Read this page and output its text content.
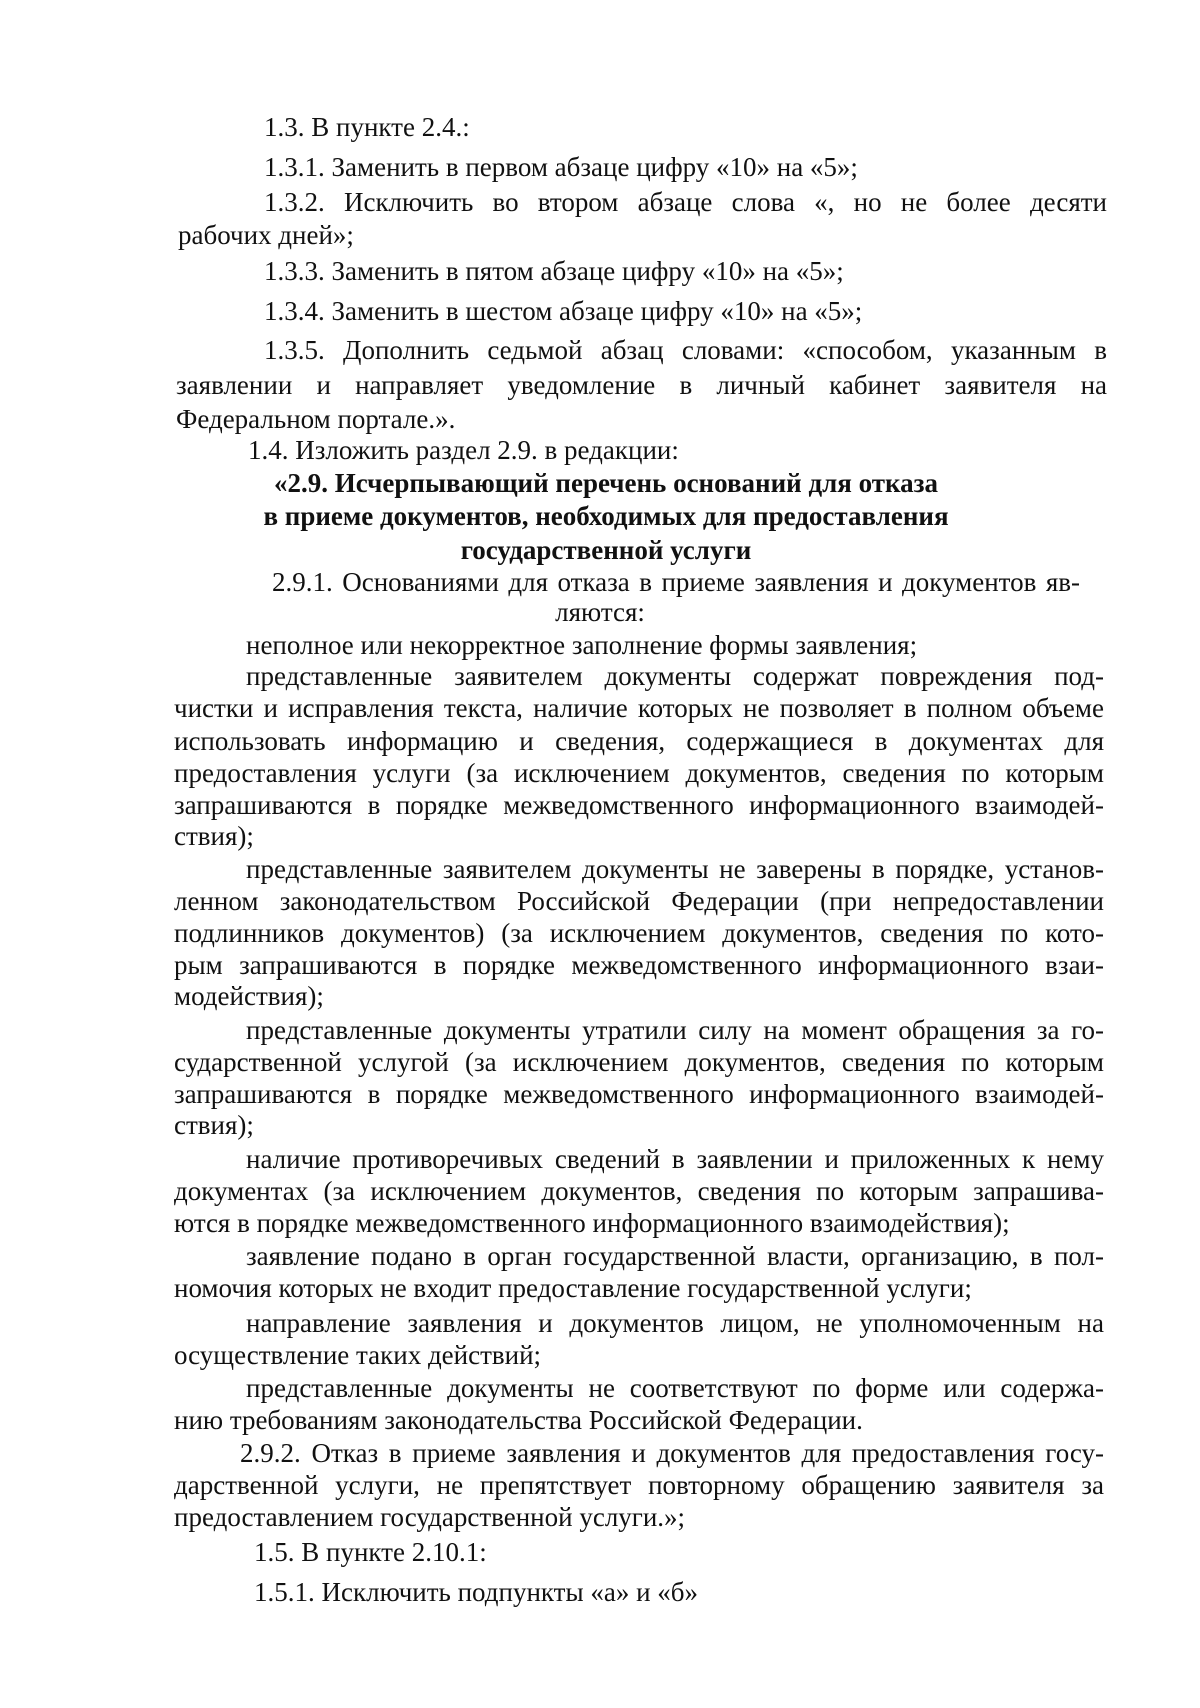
1.3. В пункте 2.4.:

1.3.1. Заменить в первом абзаце цифру «10» на «5»;

1.3.2. Исключить во втором абзаце слова «, но не более десяти

рабочих дней»;

1.3.3. Заменить в пятом абзаце цифру «10» на «5»;

1.3.4. Заменить в шестом абзаце цифру «10» на «5»;

1.3.5. Дополнить седьмой абзац словами: «способом, указанным в

заявлении и направляет уведомление в личный кабинет заявителя на

Федеральном портале.».

1.4. Изложить раздел 2.9. в редакции:

«2.9. Исчерпывающий перечень оснований для отказа

в приеме документов, необходимых для предоставления

государственной услуги

2.9.1. Основаниями для отказа в приеме заявления и документов яв-

ляются:

неполное или некорректное заполнение формы заявления;

представленные заявителем документы содержат повреждения под-

чистки и исправления текста, наличие которых не позволяет в полном объеме

использовать информацию и сведения, содержащиеся в документах для

предоставления услуги (за исключением документов, сведения по которым

запрашиваются в порядке межведомственного информационного взаимодей-

ствия);

представленные заявителем документы не заверены в порядке, установ-

ленном законодательством Российской Федерации (при непредоставлении

подлинников документов) (за исключением документов, сведения по кото-

рым запрашиваются в порядке межведомственного информационного взаи-

модействия);

представленные документы утратили силу на момент обращения за го-

сударственной услугой (за исключением документов, сведения по которым

запрашиваются в порядке межведомственного информационного взаимодей-

ствия);

наличие противоречивых сведений в заявлении и приложенных к нему

документах (за исключением документов, сведения по которым запрашива-

ются в порядке межведомственного информационного взаимодействия);

заявление подано в орган государственной власти, организацию, в пол-

номочия которых не входит предоставление государственной услуги;

направление заявления и документов лицом, не уполномоченным на

осуществление таких действий;

представленные документы не соответствуют по форме или содержа-

нию требованиям законодательства Российской Федерации.

2.9.2. Отказ в приеме заявления и документов для предоставления госу-

дарственной услуги, не препятствует повторному обращению заявителя за

предоставлением государственной услуги.»;

1.5. В пункте 2.10.1:

1.5.1. Исключить подпункты «а» и «б»
